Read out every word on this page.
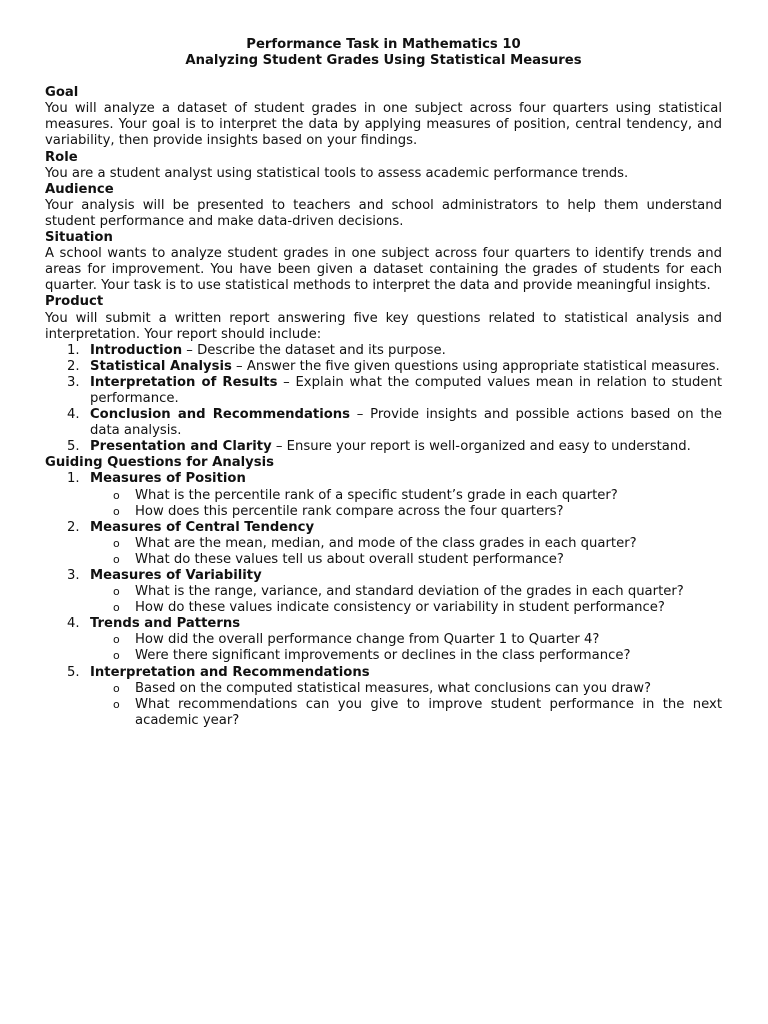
Performance Task in Mathematics 10

Analyzing Student Grades Using Statistical Measures

Goal

You will analyze a dataset of student grades in one subject across four quarters using statistical measures. Your goal is to interpret the data by applying measures of position, central tendency, and variability, then provide insights based on your findings.

Role

You are a student analyst using statistical tools to assess academic performance trends.

Audience

Your analysis will be presented to teachers and school administrators to help them understand student performance and make data-driven decisions.

Situation

A school wants to analyze student grades in one subject across four quarters to identify trends and areas for improvement. You have been given a dataset containing the grades of students for each quarter. Your task is to use statistical methods to interpret the data and provide meaningful insights.

Product

You will submit a written report answering five key questions related to statistical analysis and interpretation. Your report should include:

1. Introduction – Describe the dataset and its purpose.
2. Statistical Analysis – Answer the five given questions using appropriate statistical measures.
3. Interpretation of Results – Explain what the computed values mean in relation to student performance.
4. Conclusion and Recommendations – Provide insights and possible actions based on the data analysis.
5. Presentation and Clarity – Ensure your report is well-organized and easy to understand.

Guiding Questions for Analysis

1. Measures of Position
o What is the percentile rank of a specific student’s grade in each quarter?
o How does this percentile rank compare across the four quarters?
2. Measures of Central Tendency
o What are the mean, median, and mode of the class grades in each quarter?
o What do these values tell us about overall student performance?
3. Measures of Variability
o What is the range, variance, and standard deviation of the grades in each quarter?
o How do these values indicate consistency or variability in student performance?
4. Trends and Patterns
o How did the overall performance change from Quarter 1 to Quarter 4?
o Were there significant improvements or declines in the class performance?
5. Interpretation and Recommendations
o Based on the computed statistical measures, what conclusions can you draw?
o What recommendations can you give to improve student performance in the next academic year?
